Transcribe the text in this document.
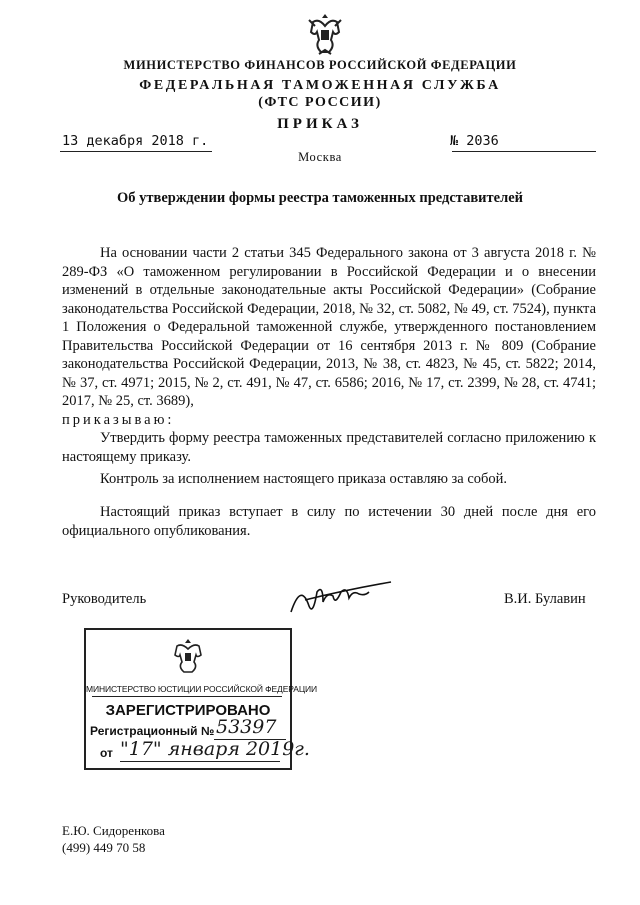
МИНИСТЕРСТВО ФИНАНСОВ РОССИЙСКОЙ ФЕДЕРАЦИИ
ФЕДЕРАЛЬНАЯ ТАМОЖЕННАЯ СЛУЖБА
(ФТС РОССИИ)
ПРИКАЗ
13 декабря 2018 г.	№ 2036
Москва
Об утверждении формы реестра таможенных представителей

На основании части 2 статьи 345 Федерального закона от 3 августа 2018 г. № 289-ФЗ «О таможенном регулировании в Российской Федерации и о внесении изменений в отдельные законодательные акты Российской Федерации» (Собрание законодательства Российской Федерации, 2018, № 32, ст. 5082, № 49, ст. 7524), пункта 1 Положения о Федеральной таможенной службе, утвержденного постановлением Правительства Российской Федерации от 16 сентября 2013 г. № 809 (Собрание законодательства Российской Федерации, 2013, № 38, ст. 4823, № 45, ст. 5822; 2014, № 37, ст. 4971; 2015, № 2, ст. 491, № 47, ст. 6586; 2016, № 17, ст. 2399, № 28, ст. 4741; 2017, № 25, ст. 3689),

приказываю:

Утвердить форму реестра таможенных представителей согласно приложению к настоящему приказу.

Контроль за исполнением настоящего приказа оставляю за собой.

Настоящий приказ вступает в силу по истечении 30 дней после дня его официального опубликования.

Руководитель	В.И. Булавин
МИНИСТЕРСТВО ЮСТИЦИИ РОССИЙСКОЙ ФЕДЕРАЦИИ
ЗАРЕГИСТРИРОВАНО
Регистрационный № 53397
от "17" января 2019г.
Е.Ю. Сидоренкова
(499) 449 70 58
